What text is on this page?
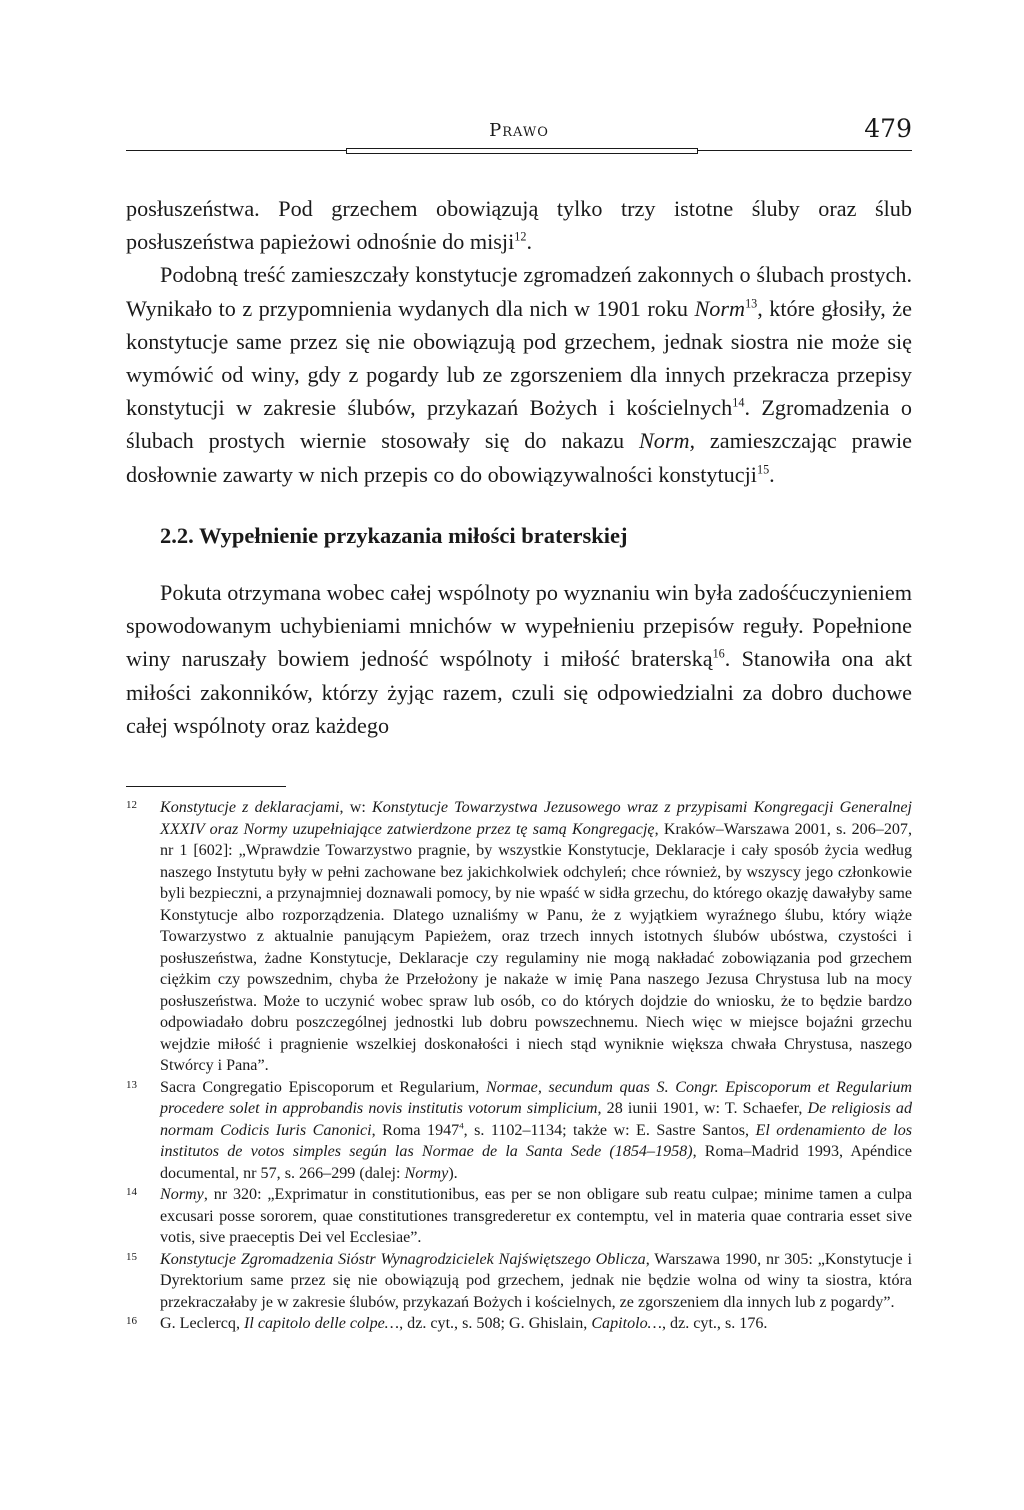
Prawo	479

posłuszeństwa. Pod grzechem obowiązują tylko trzy istotne śluby oraz ślub posłuszeństwa papieżowi odnośnie do misji$^{12}$.

Podobną treść zamieszczały konstytucje zgromadzeń zakonnych o ślubach prostych. Wynikało to z przypomnienia wydanych dla nich w 1901 roku Norm$^{13}$, które głosiły, że konstytucje same przez się nie obowiązują pod grzechem, jednak siostra nie może się wymówić od winy, gdy z pogardy lub ze zgorszeniem dla innych przekracza przepisy konstytucji w zakresie ślubów, przykazań Bożych i kościelnych$^{14}$. Zgromadzenia o ślubach prostych wiernie stosowały się do nakazu Norm, zamieszczając prawie dosłownie zawarty w nich przepis co do obowiązywalności konstytucji$^{15}$.

2.2. Wypełnienie przykazania miłości braterskiej

Pokuta otrzymana wobec całej wspólnoty po wyznaniu win była zadośćuczynieniem spowodowanym uchybieniami mnichów w wypełnieniu przepisów reguły. Popełnione winy naruszały bowiem jedność wspólnoty i miłość braterską$^{16}$. Stanowiła ona akt miłości zakonników, którzy żyjąc razem, czuli się odpowiedzialni za dobro duchowe całej wspólnoty oraz każdego

12	Konstytucje z deklaracjami, w: Konstytucje Towarzystwa Jezusowego wraz z przypisami Kongregacji Generalnej XXXIV oraz Normy uzupełniające zatwierdzone przez tę samą Kongregację, Kraków–Warszawa 2001, s. 206–207, nr 1 [602]: „Wprawdzie Towarzystwo pragnie, by wszystkie Konstytucje, Deklaracje i cały sposób życia według naszego Instytutu były w pełni zachowane bez jakichkolwiek odchyleń; chce również, by wszyscy jego członkowie byli bezpieczni, a przynajmniej doznawali pomocy, by nie wpaść w sidła grzechu, do którego okazję dawałyby same Konstytucje albo rozporządzenia. Dlatego uznaliśmy w Panu, że z wyjątkiem wyraźnego ślubu, który wiąże Towarzystwo z aktualnie panującym Papieżem, oraz trzech innych istotnych ślubów ubóstwa, czystości i posłuszeństwa, żadne Konstytucje, Deklaracje czy regulaminy nie mogą nakładać zobowiązania pod grzechem ciężkim czy powszednim, chyba że Przełożony je nakaże w imię Pana naszego Jezusa Chrystusa lub na mocy posłuszeństwa. Może to uczynić wobec spraw lub osób, co do których dojdzie do wniosku, że to będzie bardzo odpowiadało dobru poszczególnej jednostki lub dobru powszechnemu. Niech więc w miejsce bojaźni grzechu wejdzie miłość i pragnienie wszelkiej doskonałości i niech stąd wyniknie większa chwała Chrystusa, naszego Stwórcy i Pana”.
13	Sacra Congregatio Episcoporum et Regularium, Normae, secundum quas S. Congr. Episcoporum et Regularium procedere solet in approbandis novis institutis votorum simplicium, 28 iunii 1901, w: T. Schaefer, De religiosis ad normam Codicis Iuris Canonici, Roma 1947$^4$, s. 1102–1134; także w: E. Sastre Santos, El ordenamiento de los institutos de votos simples según las Normae de la Santa Sede (1854–1958), Roma–Madrid 1993, Apéndice documental, nr 57, s. 266–299 (dalej: Normy).
14	Normy, nr 320: „Exprimatur in constitutionibus, eas per se non obligare sub reatu culpae; minime tamen a culpa excusari posse sororem, quae constitutiones transgrederetur ex contemptu, vel in materia quae contraria esset sive votis, sive praeceptis Dei vel Ecclesiae”.
15	Konstytucje Zgromadzenia Sióstr Wynagrodzicielek Najświętszego Oblicza, Warszawa 1990, nr 305: „Konstytucje i Dyrektorium same przez się nie obowiązują pod grzechem, jednak nie będzie wolna od winy ta siostra, która przekraczałaby je w zakresie ślubów, przykazań Bożych i kościelnych, ze zgorszeniem dla innych lub z pogardy”.
16	G. Leclercq, Il capitolo delle colpe…, dz. cyt., s. 508; G. Ghislain, Capitolo…, dz. cyt., s. 176.
